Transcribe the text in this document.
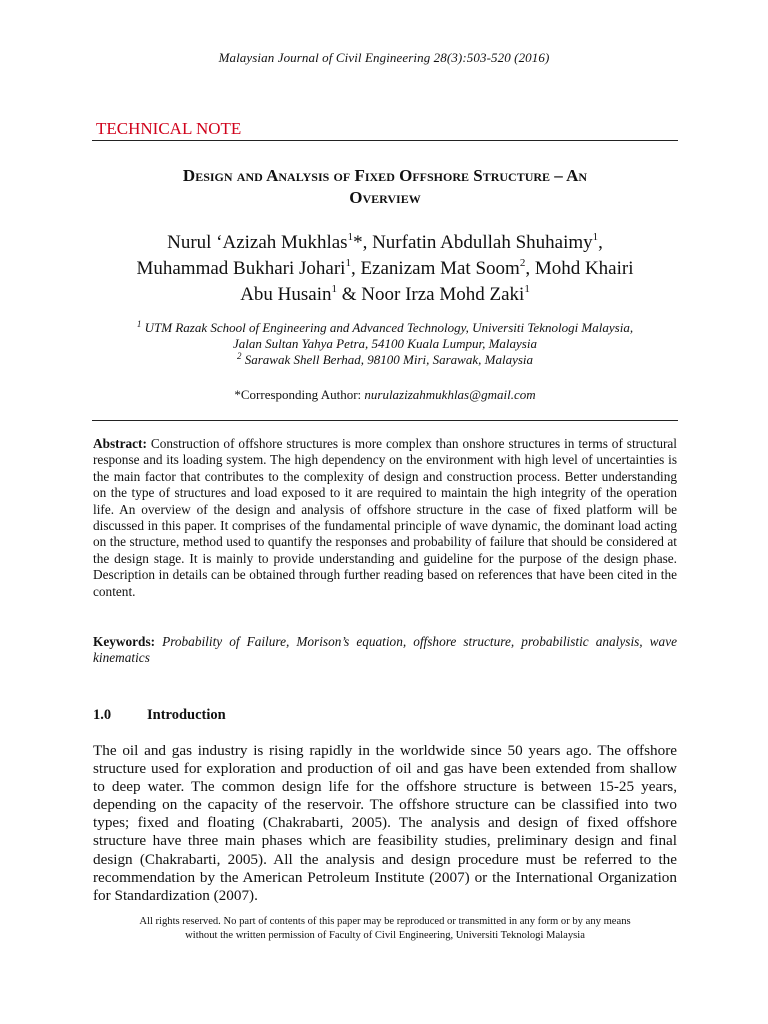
Malaysian Journal of Civil Engineering 28(3):503-520 (2016)
TECHNICAL NOTE
Design and Analysis of Fixed Offshore Structure – An
Overview
Nurul ‘Azizah Mukhlas$^1$*, Nurfatin Abdullah Shuhaimy$^1$,
Muhammad Bukhari Johari$^1$, Ezanizam Mat Soom$^2$, Mohd Khairi
Abu Husain$^1$ & Noor Irza Mohd Zaki$^1$
$^1$ UTM Razak School of Engineering and Advanced Technology, Universiti Teknologi Malaysia,
Jalan Sultan Yahya Petra, 54100 Kuala Lumpur, Malaysia
$^2$ Sarawak Shell Berhad, 98100 Miri, Sarawak, Malaysia
*Corresponding Author: nurulazizahmukhlas@gmail.com
Abstract: Construction of offshore structures is more complex than onshore structures in terms of structural response and its loading system. The high dependency on the environment with high level of uncertainties is the main factor that contributes to the complexity of design and construction process. Better understanding on the type of structures and load exposed to it are required to maintain the high integrity of the operation life. An overview of the design and analysis of offshore structure in the case of fixed platform will be discussed in this paper. It comprises of the fundamental principle of wave dynamic, the dominant load acting on the structure, method used to quantify the responses and probability of failure that should be considered at the design stage. It is mainly to provide understanding and guideline for the purpose of the design phase. Description in details can be obtained through further reading based on references that have been cited in the content.
Keywords: Probability of Failure, Morison’s equation, offshore structure, probabilistic analysis, wave kinematics
1.0 Introduction
The oil and gas industry is rising rapidly in the worldwide since 50 years ago. The offshore structure used for exploration and production of oil and gas have been extended from shallow to deep water. The common design life for the offshore structure is between 15-25 years, depending on the capacity of the reservoir. The offshore structure can be classified into two types; fixed and floating (Chakrabarti, 2005). The analysis and design of fixed offshore structure have three main phases which are feasibility studies, preliminary design and final design (Chakrabarti, 2005). All the analysis and design procedure must be referred to the recommendation by the American Petroleum Institute (2007) or the International Organization for Standardization (2007).
All rights reserved. No part of contents of this paper may be reproduced or transmitted in any form or by any means
without the written permission of Faculty of Civil Engineering, Universiti Teknologi Malaysia
